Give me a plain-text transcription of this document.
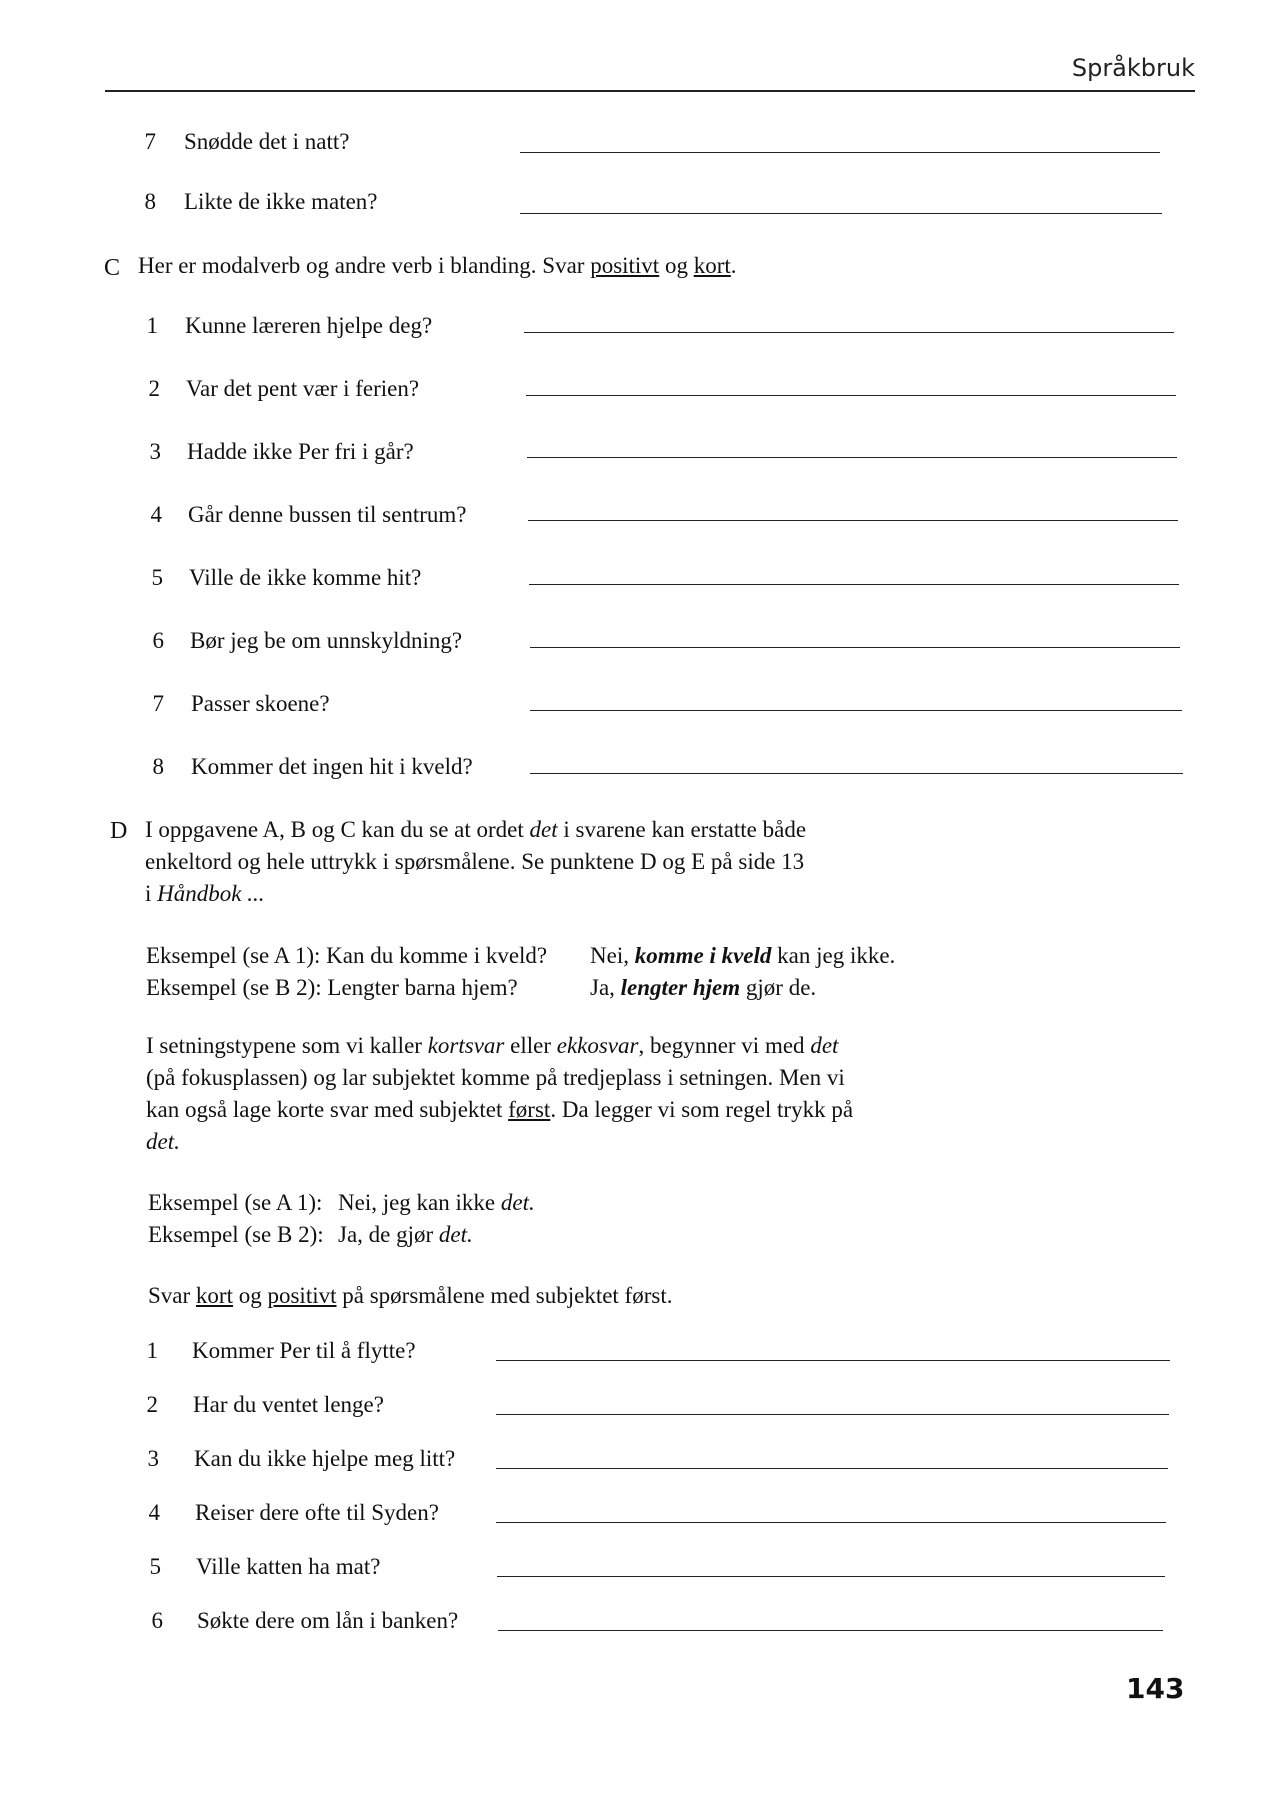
Språkbruk
7 Snødde det i natt?
8 Likte de ikke maten?
C Her er modalverb og andre verb i blanding. Svar positivt og kort.
1 Kunne læreren hjelpe deg?
2 Var det pent vær i ferien?
3 Hadde ikke Per fri i går?
4 Går denne bussen til sentrum?
5 Ville de ikke komme hit?
6 Bør jeg be om unnskyldning?
7 Passer skoene?
8 Kommer det ingen hit i kveld?
D I oppgavene A, B og C kan du se at ordet det i svarene kan erstatte både
enkeltord og hele uttrykk i spørsmålene. Se punktene D og E på side 13
i Håndbok ...
Eksempel (se A 1): Kan du komme i kveld? Nei, komme i kveld kan jeg ikke.
Eksempel (se B 2): Lengter barna hjem?	Ja, lengter hjem gjør de.
I setningstypene som vi kaller kortsvar eller ekkosvar, begynner vi med det
(på fokusplassen) og lar subjektet komme på tredjeplass i setningen. Men vi
kan også lage korte svar med subjektet først. Da legger vi som regel trykk på
det.
Eksempel (se A 1): Nei, jeg kan ikke det.
Eksempel (se B 2): Ja, de gjør det.
Svar kort og positivt på spørsmålene med subjektet først.
1 Kommer Per til å flytte?
2 Har du ventet lenge?
3 Kan du ikke hjelpe meg litt?
4 Reiser dere ofte til Syden?
5 Ville katten ha mat?
6 Søkte dere om lån i banken?
143
